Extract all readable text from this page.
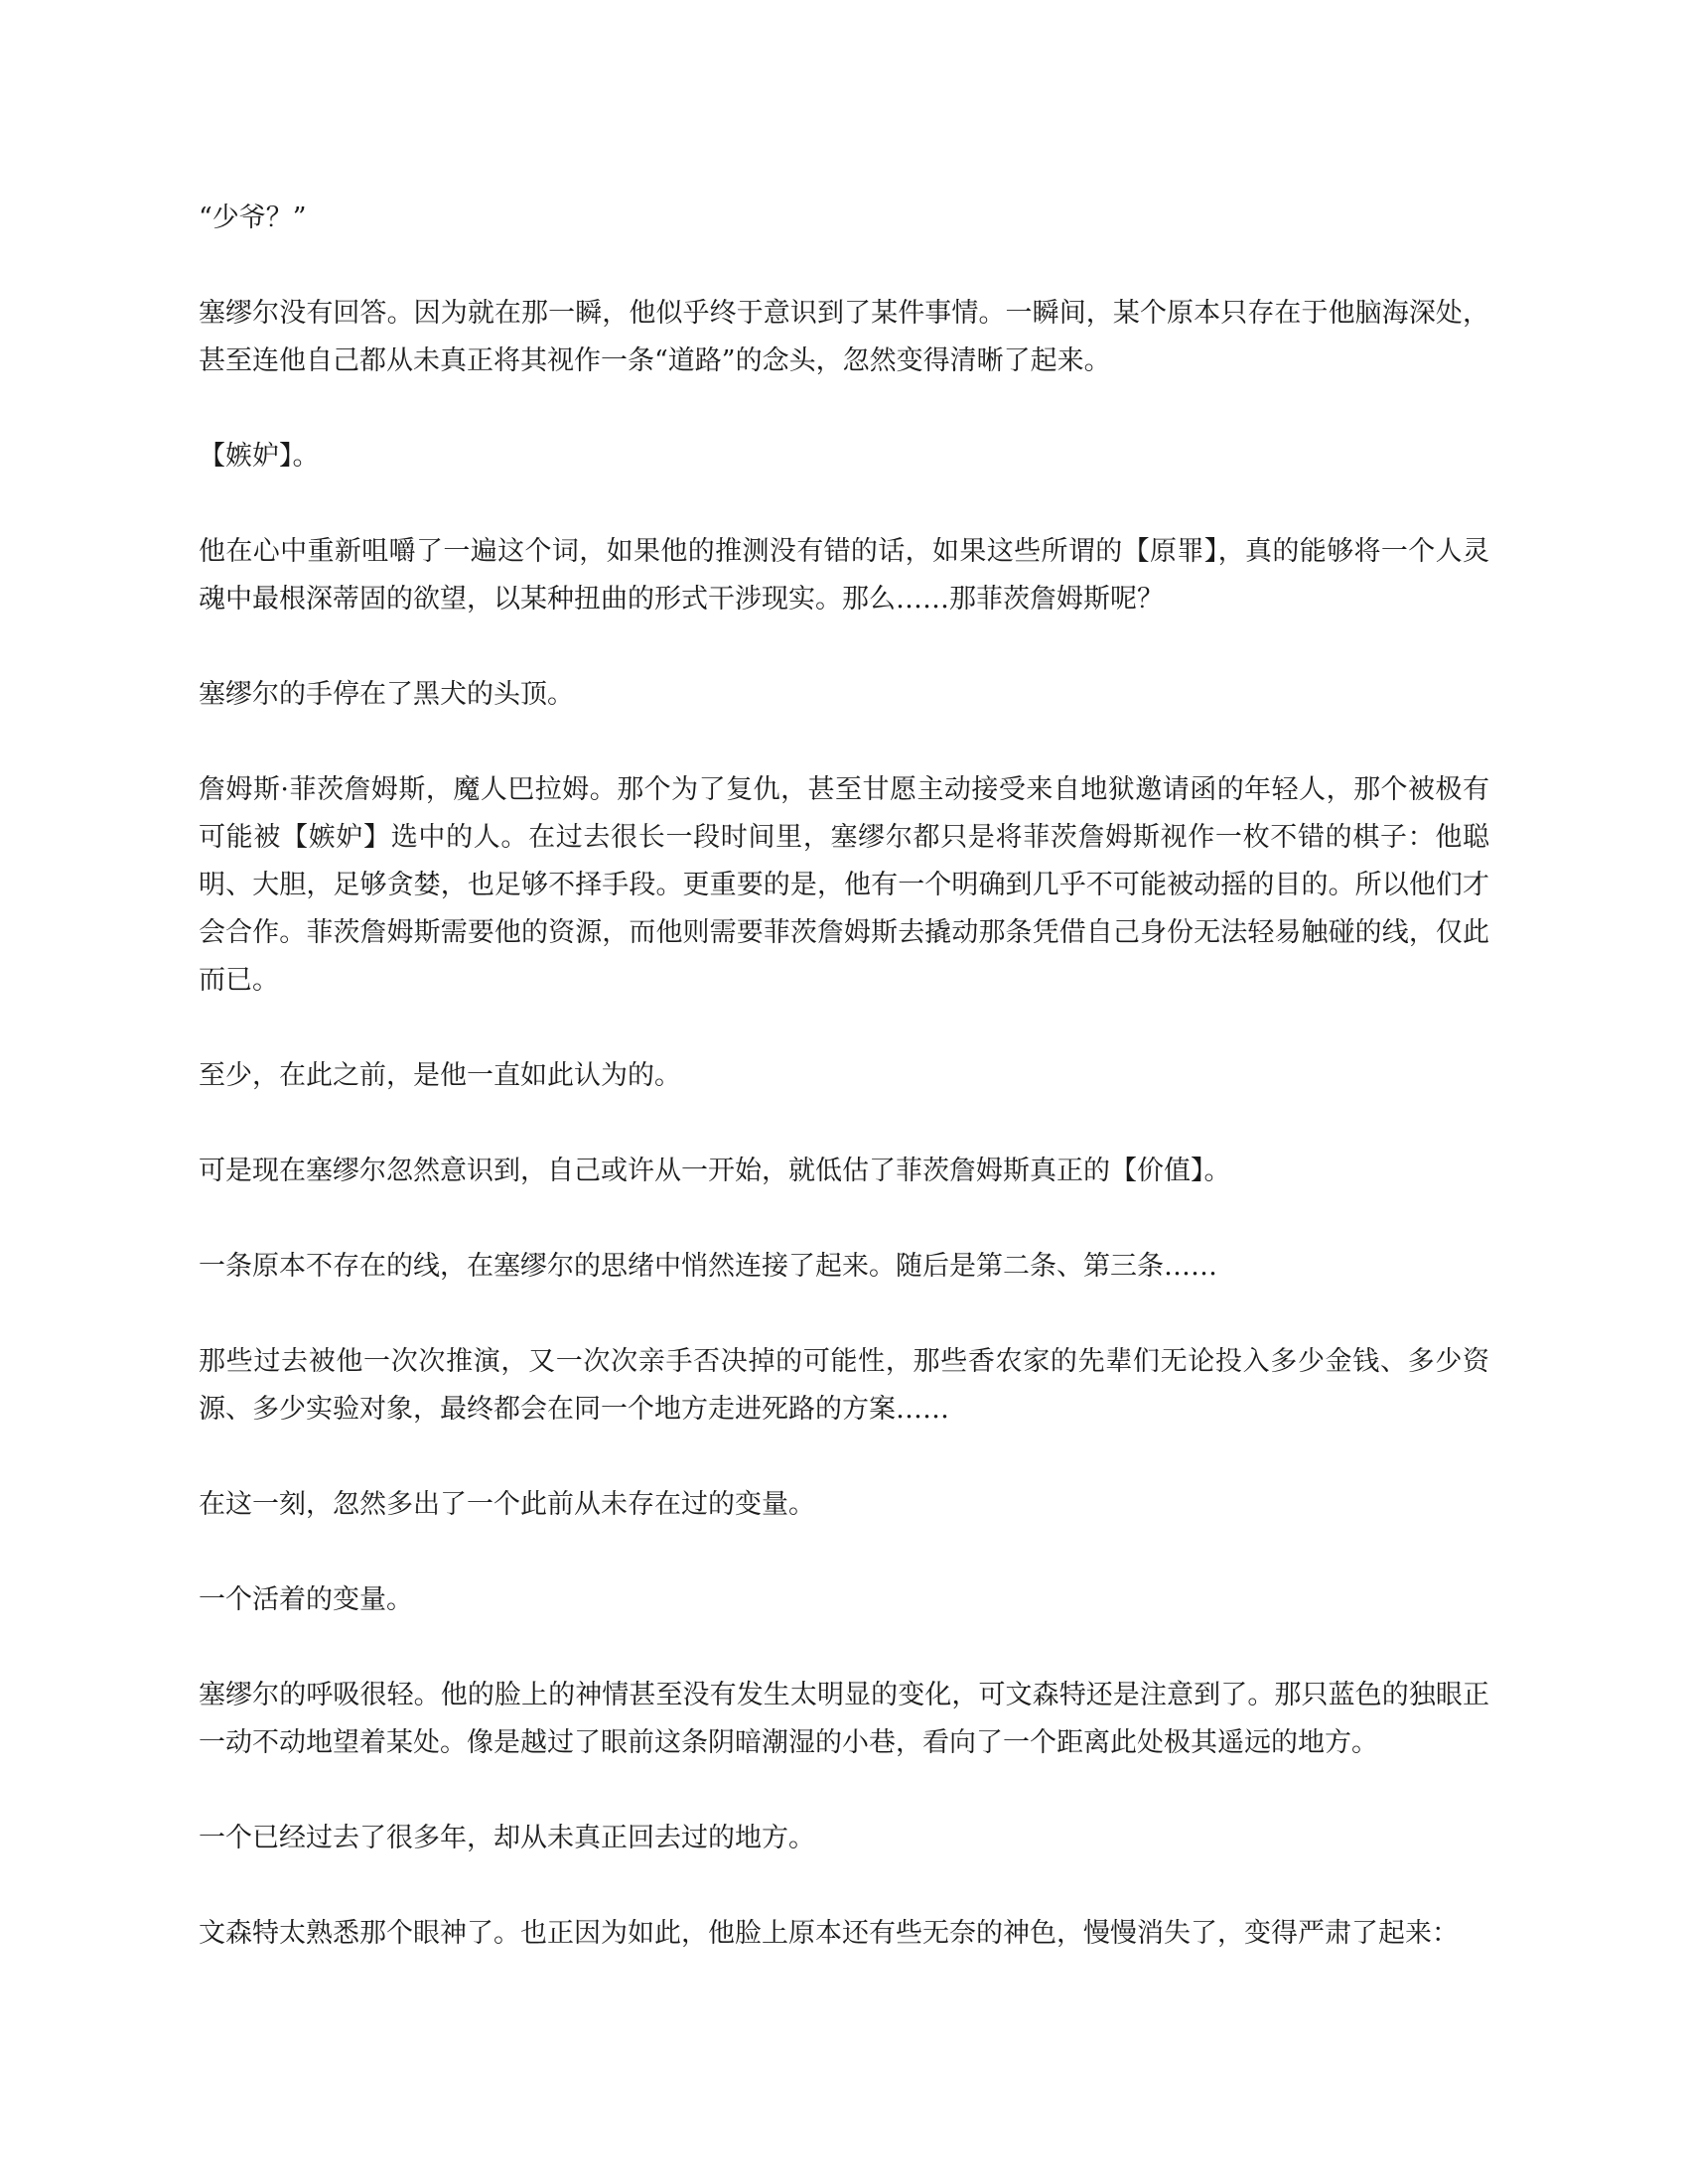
“少爷？”

塞缪尔没有回答。因为就在那一瞬，他似乎终于意识到了某件事情。一瞬间，某个原本只存在于他脑海深处，甚至连他自己都从未真正将其视作一条“道路”的念头，忽然变得清晰了起来。

【嫉妒】。

他在心中重新咀嚼了一遍这个词，如果他的推测没有错的话，如果这些所谓的【原罪】，真的能够将一个人灵魂中最根深蒂固的欲望，以某种扭曲的形式干涉现实。那么……那菲茨詹姆斯呢？

塞缪尔的手停在了黑犬的头顶。

詹姆斯·菲茨詹姆斯，魔人巴拉姆。那个为了复仇，甚至甘愿主动接受来自地狱邀请函的年轻人，那个被极有可能被【嫉妒】选中的人。在过去很长一段时间里，塞缪尔都只是将菲茨詹姆斯视作一枚不错的棋子：他聪明、大胆，足够贪婪，也足够不择手段。更重要的是，他有一个明确到几乎不可能被动摇的目的。所以他们才会合作。菲茨詹姆斯需要他的资源，而他则需要菲茨詹姆斯去撬动那条凭借自己身份无法轻易触碰的线，仅此而已。

至少，在此之前，是他一直如此认为的。

可是现在塞缪尔忽然意识到，自己或许从一开始，就低估了菲茨詹姆斯真正的【价值】。

一条原本不存在的线，在塞缪尔的思绪中悄然连接了起来。随后是第二条、第三条……

那些过去被他一次次推演，又一次次亲手否决掉的可能性，那些香农家的先辈们无论投入多少金钱、多少资源、多少实验对象，最终都会在同一个地方走进死路的方案……

在这一刻，忽然多出了一个此前从未存在过的变量。

一个活着的变量。

塞缪尔的呼吸很轻。他的脸上的神情甚至没有发生太明显的变化，可文森特还是注意到了。那只蓝色的独眼正一动不动地望着某处。像是越过了眼前这条阴暗潮湿的小巷，看向了一个距离此处极其遥远的地方。

一个已经过去了很多年，却从未真正回去过的地方。

文森特太熟悉那个眼神了。也正因为如此，他脸上原本还有些无奈的神色，慢慢消失了，变得严肃了起来：
